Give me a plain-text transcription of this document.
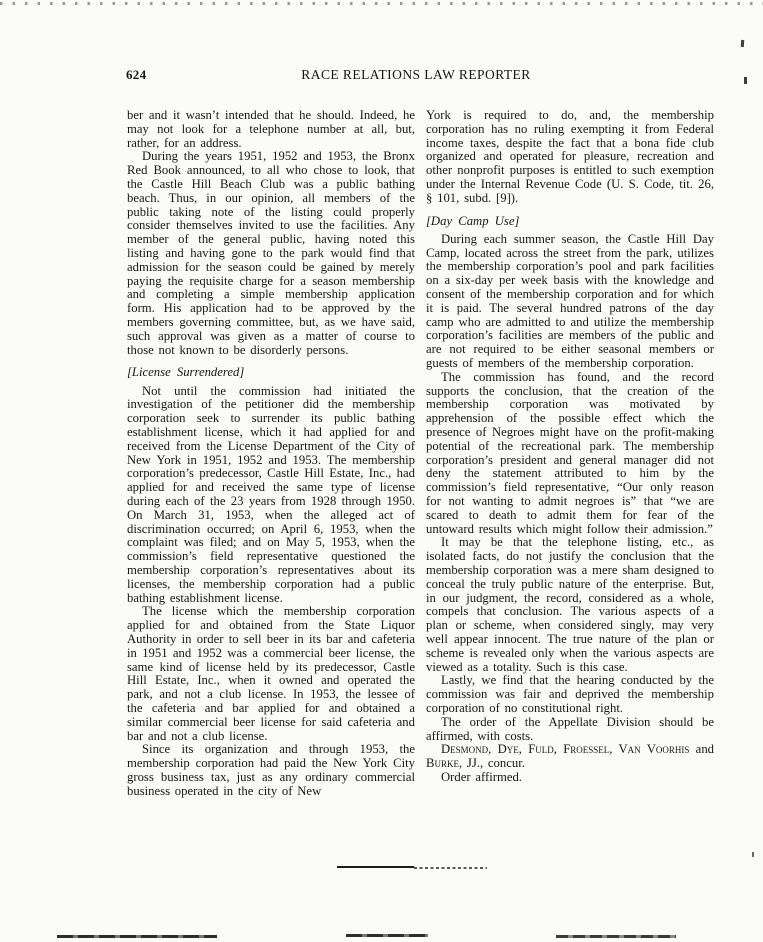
624	RACE RELATIONS LAW REPORTER

ber and it wasn’t intended that he should. Indeed, he may not look for a telephone number at all, but, rather, for an address.

During the years 1951, 1952 and 1953, the Bronx Red Book announced, to all who chose to look, that the Castle Hill Beach Club was a public bathing beach. Thus, in our opinion, all members of the public taking note of the listing could properly consider themselves invited to use the facilities. Any member of the general public, having noted this listing and having gone to the park would find that admission for the season could be gained by merely paying the requisite charge for a season membership and completing a simple membership application form. His application had to be approved by the members governing committee, but, as we have said, such approval was given as a matter of course to those not known to be disorderly persons.

[License Surrendered]

Not until the commission had initiated the investigation of the petitioner did the membership corporation seek to surrender its public bathing establishment license, which it had applied for and received from the License Department of the City of New York in 1951, 1952 and 1953. The membership corporation’s predecessor, Castle Hill Estate, Inc., had applied for and received the same type of license during each of the 23 years from 1928 through 1950. On March 31, 1953, when the alleged act of discrimination occurred; on April 6, 1953, when the complaint was filed; and on May 5, 1953, when the commission’s field representative questioned the membership corporation’s representatives about its licenses, the membership corporation had a public bathing establishment license.

The license which the membership corporation applied for and obtained from the State Liquor Authority in order to sell beer in its bar and cafeteria in 1951 and 1952 was a commercial beer license, the same kind of license held by its predecessor, Castle Hill Estate, Inc., when it owned and operated the park, and not a club license. In 1953, the lessee of the cafeteria and bar applied for and obtained a similar commercial beer license for said cafeteria and bar and not a club license.

Since its organization and through 1953, the membership corporation had paid the New York City gross business tax, just as any ordinary commercial business operated in the city of New

York is required to do, and, the membership corporation has no ruling exempting it from Federal income taxes, despite the fact that a bona fide club organized and operated for pleasure, recreation and other nonprofit purposes is entitled to such exemption under the Internal Revenue Code (U. S. Code, tit. 26, § 101, subd. [9]).

[Day Camp Use]

During each summer season, the Castle Hill Day Camp, located across the street from the park, utilizes the membership corporation’s pool and park facilities on a six-day per week basis with the knowledge and consent of the membership corporation and for which it is paid. The several hundred patrons of the day camp who are admitted to and utilize the membership corporation’s facilities are members of the public and are not required to be either seasonal members or guests of members of the membership corporation.

The commission has found, and the record supports the conclusion, that the creation of the membership corporation was motivated by apprehension of the possible effect which the presence of Negroes might have on the profit-making potential of the recreational park. The membership corporation’s president and general manager did not deny the statement attributed to him by the commission’s field representative, “Our only reason for not wanting to admit negroes is” that “we are scared to death to admit them for fear of the untoward results which might follow their admission.”

It may be that the telephone listing, etc., as isolated facts, do not justify the conclusion that the membership corporation was a mere sham designed to conceal the truly public nature of the enterprise. But, in our judgment, the record, considered as a whole, compels that conclusion. The various aspects of a plan or scheme, when considered singly, may very well appear innocent. The true nature of the plan or scheme is revealed only when the various aspects are viewed as a totality. Such is this case.

Lastly, we find that the hearing conducted by the commission was fair and deprived the membership corporation of no constitutional right.

The order of the Appellate Division should be affirmed, with costs.

Desmond, Dye, Fuld, Froessel, Van Voorhis and Burke, JJ., concur.

Order affirmed.
